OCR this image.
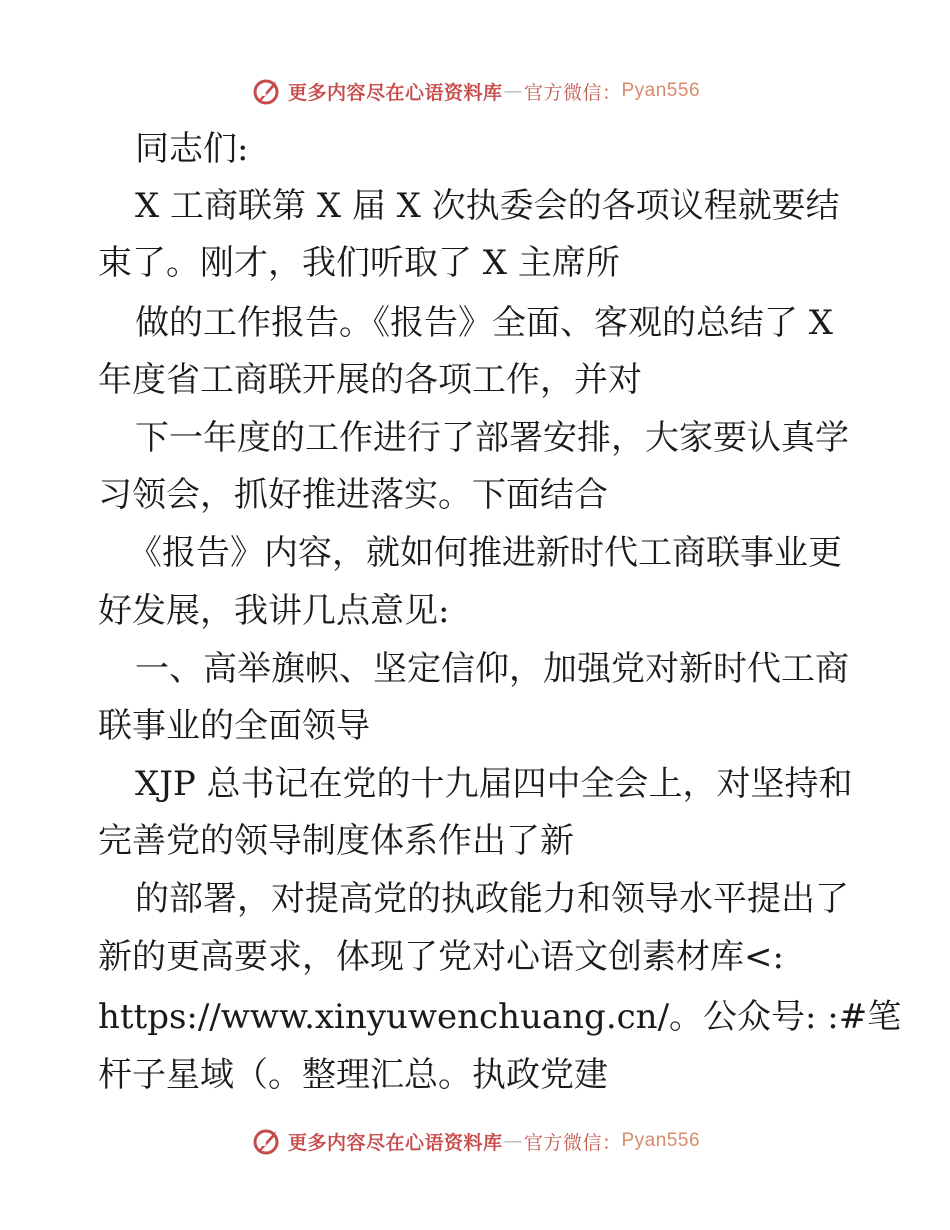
更多内容尽在心语资料库 — 官方微信： Pyan556
同志们:
X 工商联第 X 届 X 次执委会的各项议程就要结
束了。刚才，我们听取了 X 主席所
做的工作报告。《报告》全面、客观的总结了 X
年度省工商联开展的各项工作，并对
下一年度的工作进行了部署安排，大家要认真学
习领会，抓好推进落实。下面结合
《报告》内容，就如何推进新时代工商联事业更
好发展，我讲几点意见:
一、高举旗帜、坚定信仰，加强党对新时代工商
联事业的全面领导
XJP 总书记在党的十九届四中全会上，对坚持和
完善党的领导制度体系作出了新
的部署，对提高党的执政能力和领导水平提出了
新的更高要求，体现了党对心语文创素材库<:
https://www.xinyuwenchuang.cn/。公众号: :#笔
杆子星域（。整理汇总。执政党建
更多内容尽在心语资料库 — 官方微信： Pyan556
